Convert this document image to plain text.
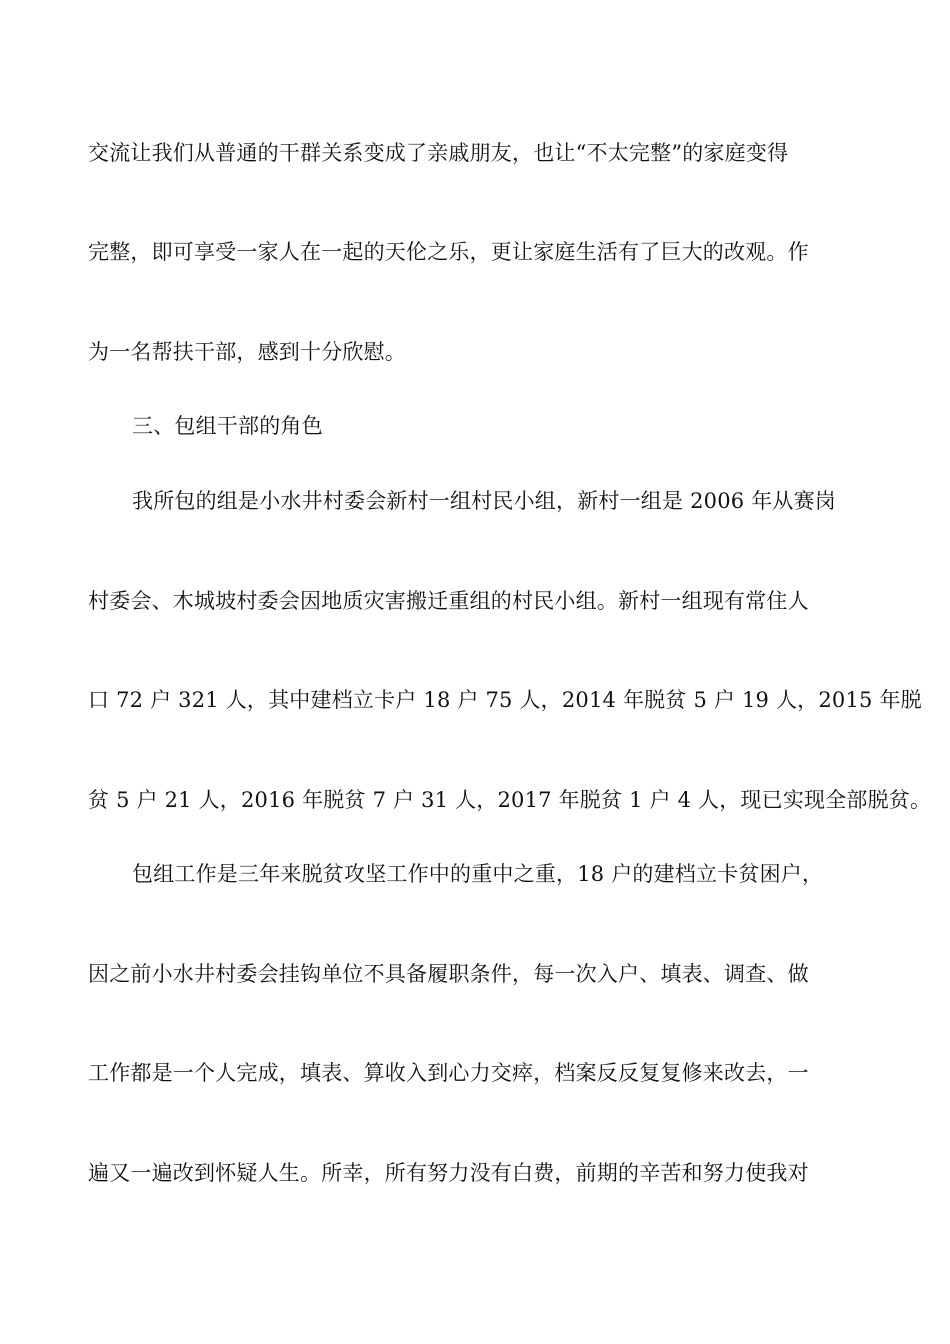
交流让我们从普通的干群关系变成了亲戚朋友，也让“不太完整”的家庭变得
完整，即可享受一家人在一起的天伦之乐，更让家庭生活有了巨大的改观。作
为一名帮扶干部，感到十分欣慰。
三、包组干部的角色
我所包的组是小水井村委会新村一组村民小组，新村一组是 2006 年从赛岗
村委会、木城坡村委会因地质灾害搬迁重组的村民小组。新村一组现有常住人
口 72 户 321 人，其中建档立卡户 18 户 75 人，2014 年脱贫 5 户 19 人，2015 年脱
贫 5 户 21 人，2016 年脱贫 7 户 31 人，2017 年脱贫 1 户 4 人，现已实现全部脱贫。
包组工作是三年来脱贫攻坚工作中的重中之重，18 户的建档立卡贫困户，
因之前小水井村委会挂钩单位不具备履职条件，每一次入户、填表、调查、做
工作都是一个人完成，填表、算收入到心力交瘁，档案反反复复修来改去，一
遍又一遍改到怀疑人生。所幸，所有努力没有白费，前期的辛苦和努力使我对
